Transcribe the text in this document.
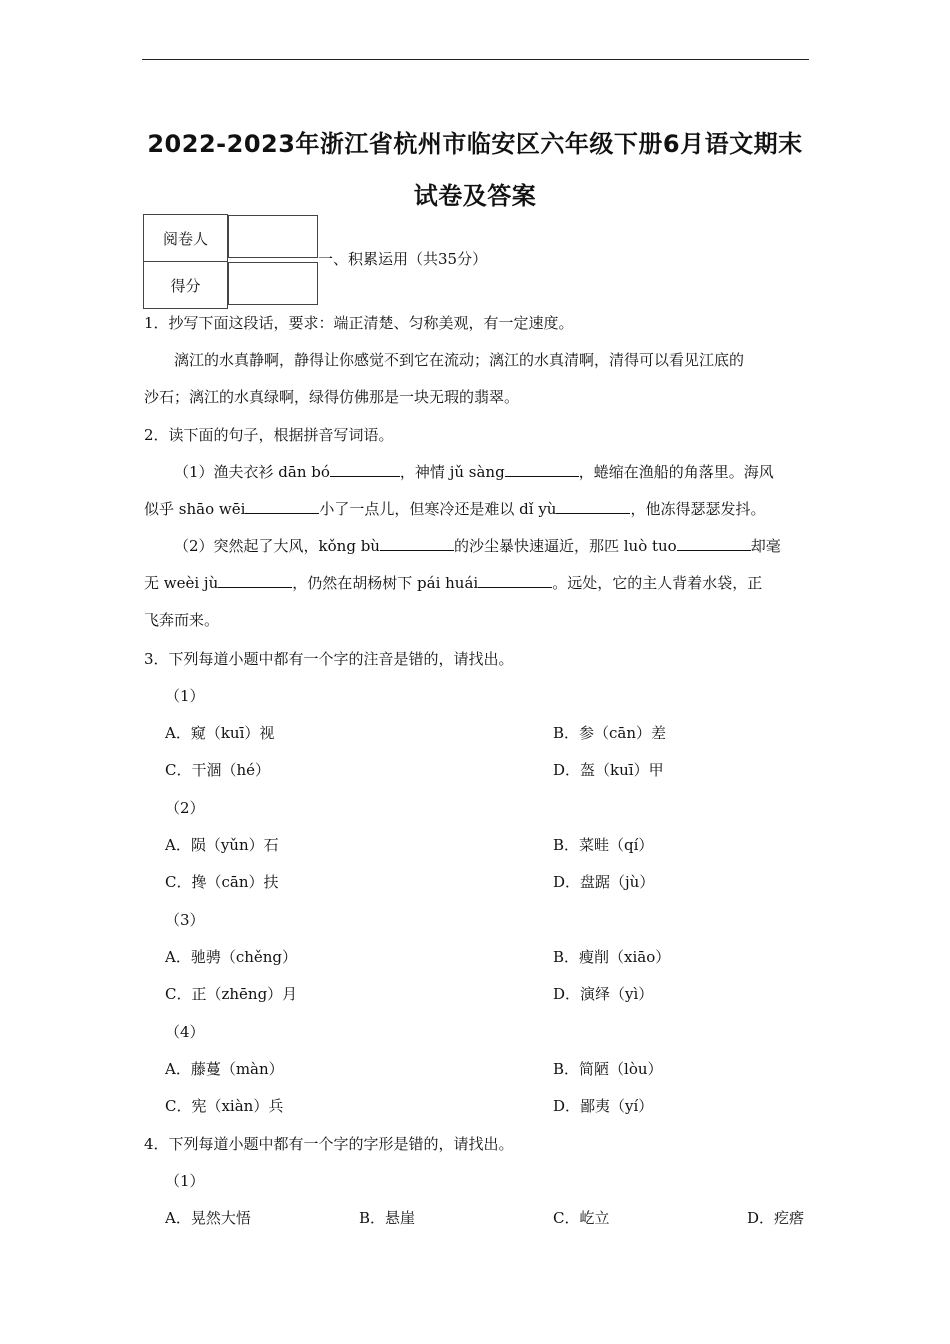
2022-2023年浙江省杭州市临安区六年级下册6月语文期末
试卷及答案
阅卷人	
得分	
一、积累运用（共35分）
1．抄写下面这段话，要求：端正清楚、匀称美观，有一定速度。
漓江的水真静啊，静得让你感觉不到它在流动；漓江的水真清啊，清得可以看见江底的
沙石；漓江的水真绿啊，绿得仿佛那是一块无瑕的翡翠。
2．读下面的句子，根据拼音写词语。
（1）渔夫衣衫 dān bó	，神情 jǔ sàng	，蜷缩在渔船的角落里。海风
似乎 shāo wēi	小了一点儿，但寒冷还是难以 dǐ yù	，他冻得瑟瑟发抖。
（2）突然起了大风，kǒng bù	的沙尘暴快速逼近，那匹 luò tuo	却毫
无 weèi jù	，仍然在胡杨树下 pái huái	。远处，它的主人背着水袋，正
飞奔而来。
3．下列每道小题中都有一个字的注音是错的，请找出。
（1）
A．窥（kuī）视	B．参（cān）差
C．干涸（hé）	D．盔（kuī）甲
（2）
A．陨（yǔn）石	B．菜畦（qí）
C．搀（cān）扶	D．盘踞（jù）
（3）
A．驰骋（chěng）	B．瘦削（xiāo）
C．正（zhēng）月	D．演绎（yì）
（4）
A．藤蔓（màn）	B．简陋（lòu）
C．宪（xiàn）兵	D．鄙夷（yí）
4．下列每道小题中都有一个字的字形是错的，请找出。
（1）
A．晃然大悟	B．悬崖	C．屹立	D．疙瘩
